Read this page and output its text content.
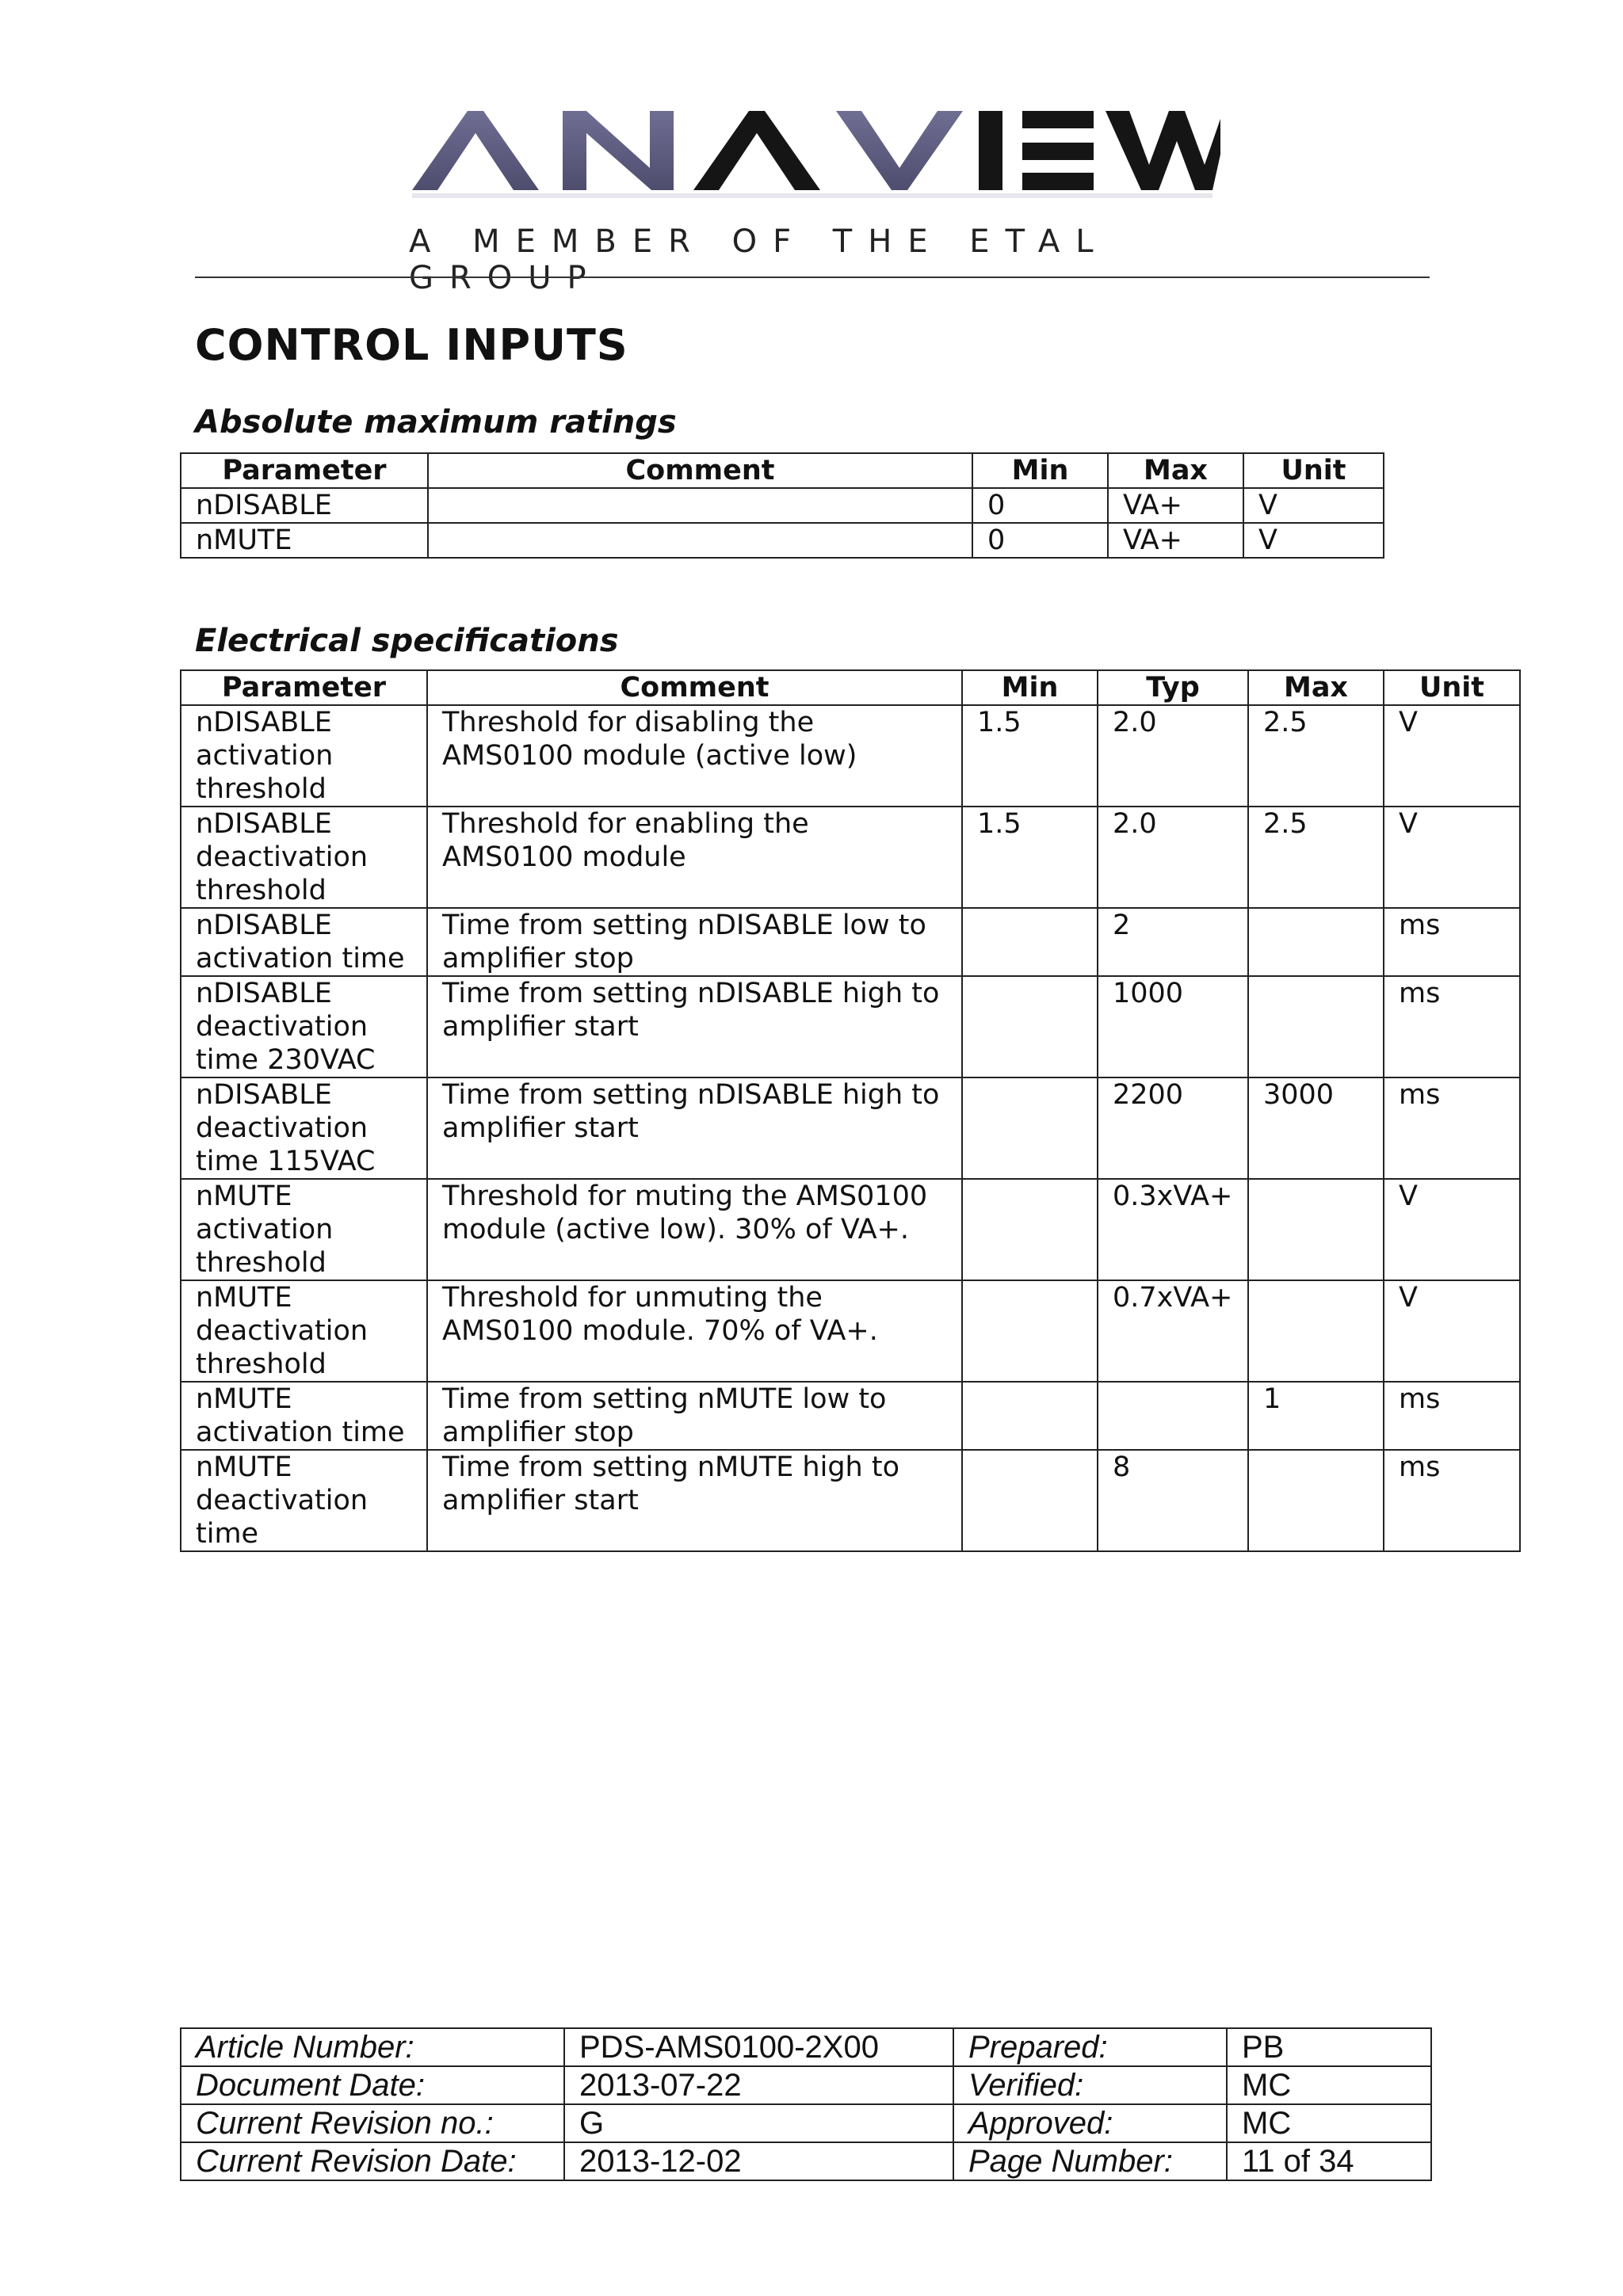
A MEMBER OF THE ETAL GROUP
CONTROL INPUTS
Absolute maximum ratings
Parameter	Comment	Min	Max	Unit
nDISABLE		0	VA+	V
nMUTE		0	VA+	V
Electrical specifications
Parameter	Comment	Min	Typ	Max	Unit
nDISABLE activation threshold	Threshold for disabling the AMS0100 module (active low)	1.5	2.0	2.5	V
nDISABLE deactivation threshold	Threshold for enabling the AMS0100 module	1.5	2.0	2.5	V
nDISABLE activation time	Time from setting nDISABLE low to amplifier stop		2		ms
nDISABLE deactivation time 230VAC	Time from setting nDISABLE high to amplifier start		1000		ms
nDISABLE deactivation time 115VAC	Time from setting nDISABLE high to amplifier start		2200	3000	ms
nMUTE activation threshold	Threshold for muting the AMS0100 module (active low). 30% of VA+.		0.3xVA+		V
nMUTE deactivation threshold	Threshold for unmuting the AMS0100 module. 70% of VA+.		0.7xVA+		V
nMUTE activation time	Time from setting nMUTE low to amplifier stop			1	ms
nMUTE deactivation time	Time from setting nMUTE high to amplifier start		8		ms
Article Number:	PDS-AMS0100-2X00	Prepared:	PB
Document Date:	2013-07-22	Verified:	MC
Current Revision no.:	G	Approved:	MC
Current Revision Date:	2013-12-02	Page Number:	11 of 34
